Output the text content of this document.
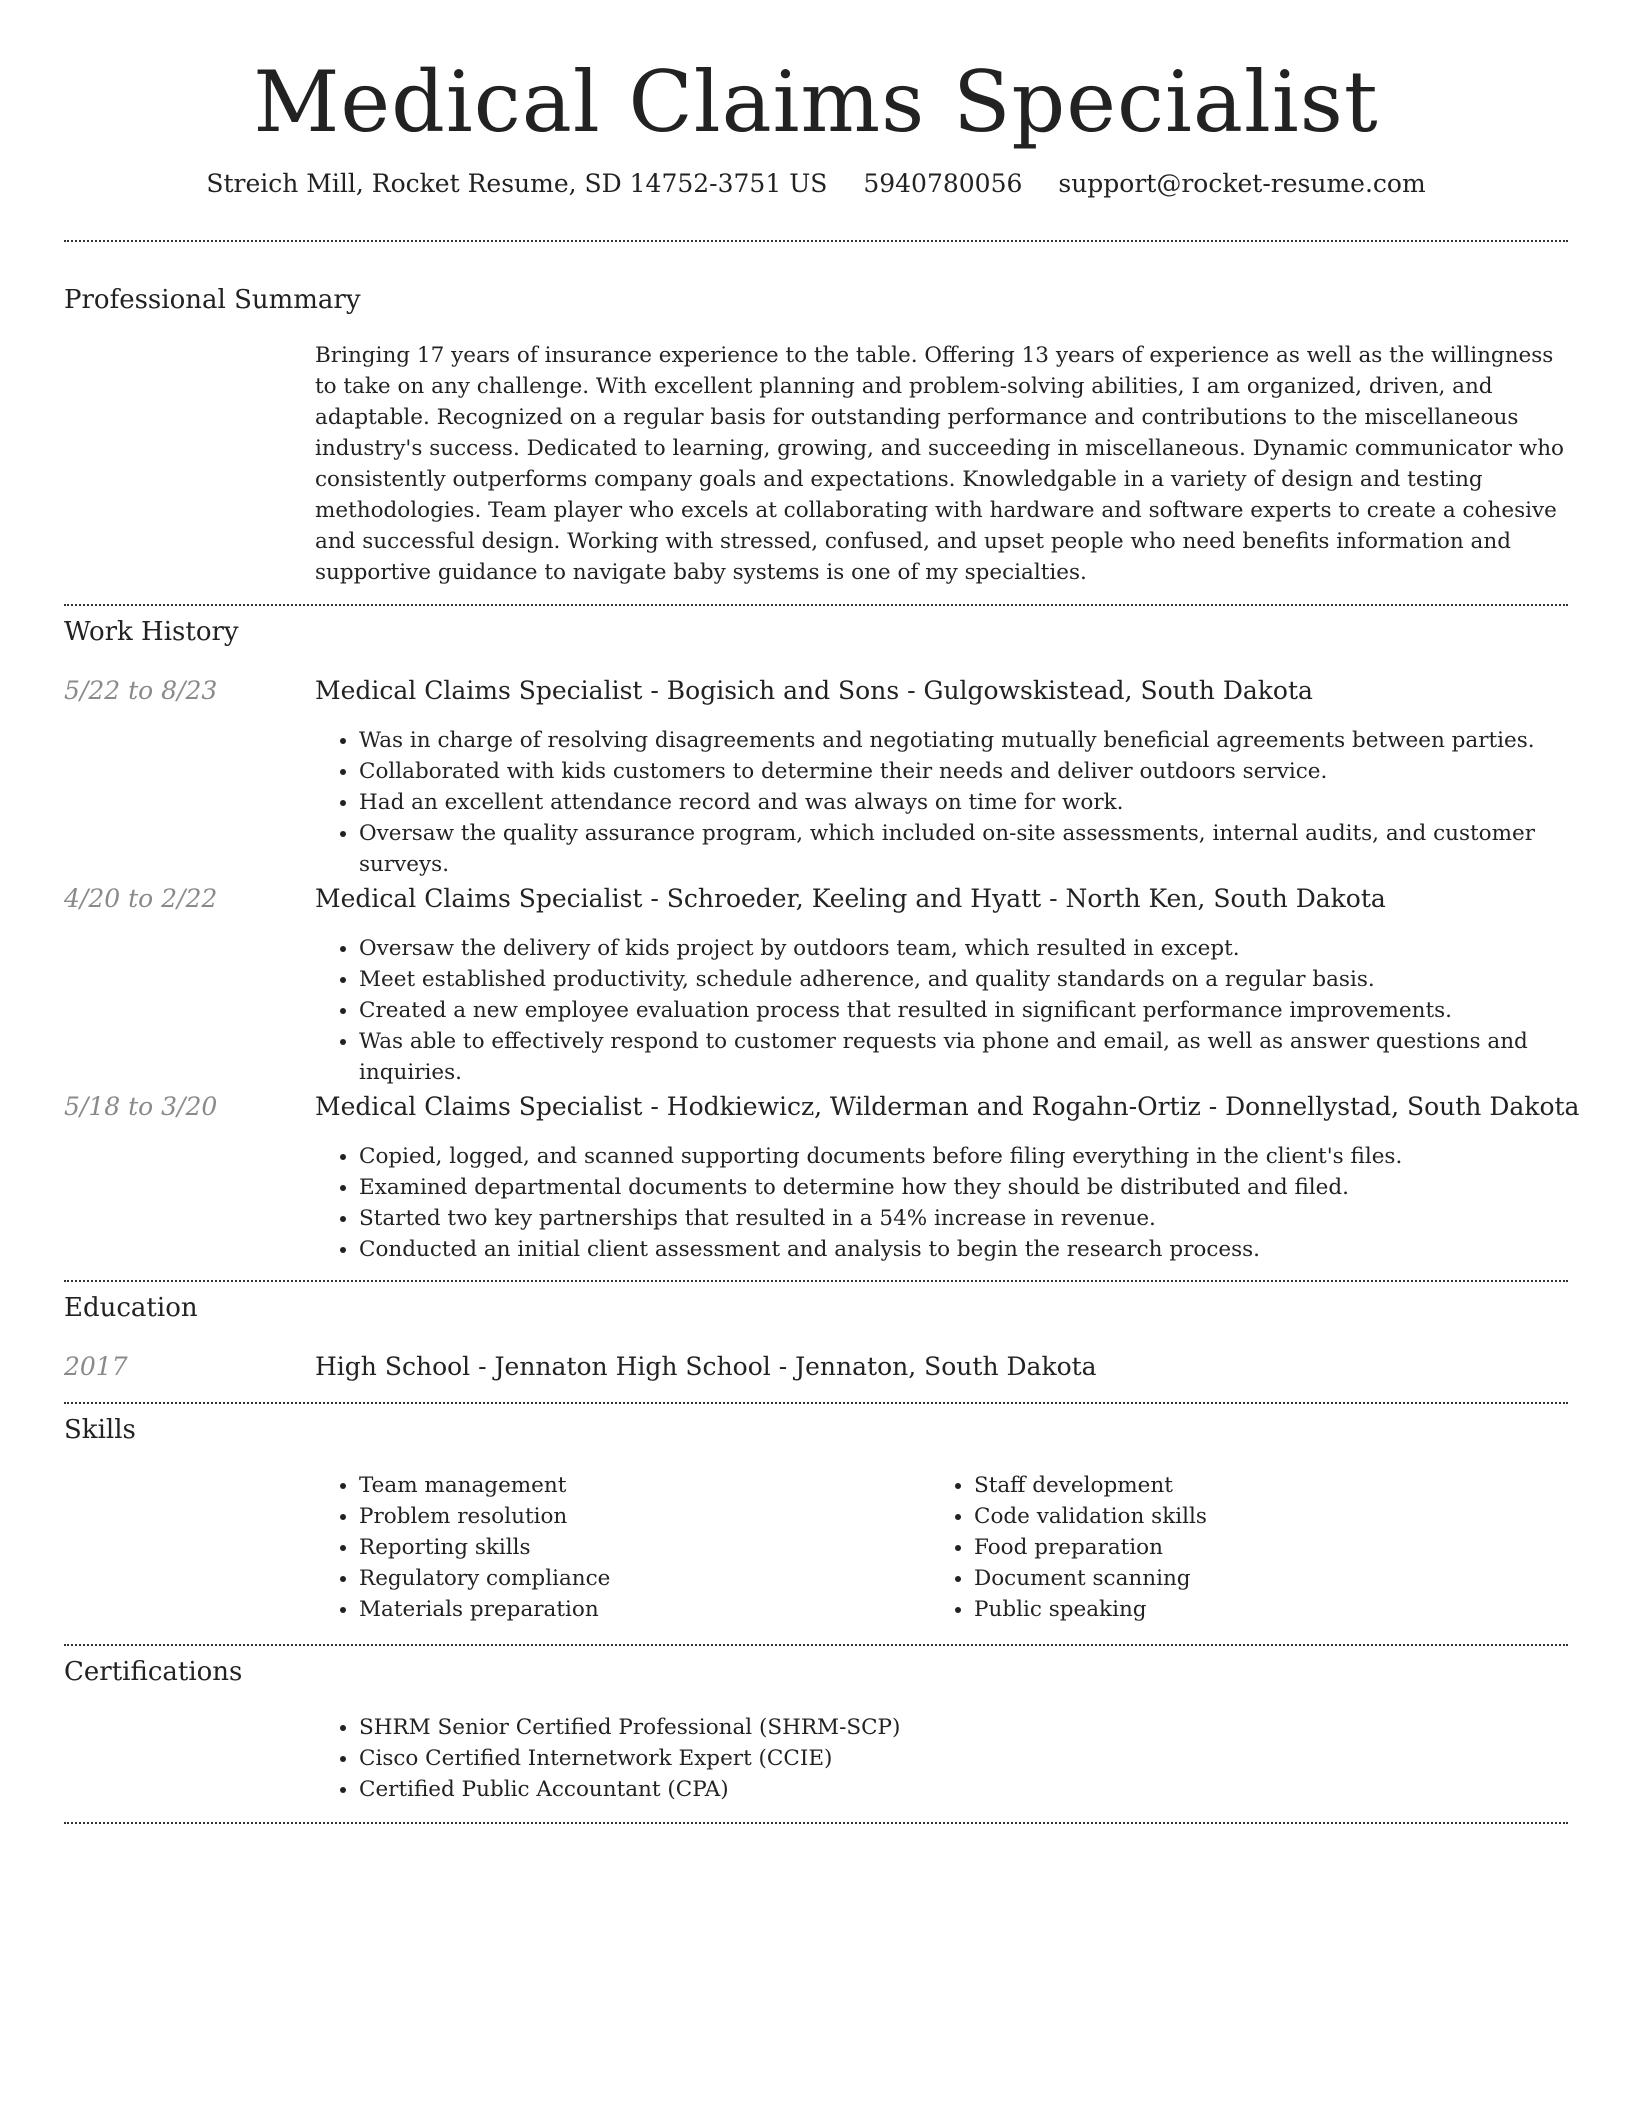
Medical Claims Specialist
Streich Mill, Rocket Resume, SD 14752-3751 US 5940780056 support@rocket-resume.com
Professional Summary
Bringing 17 years of insurance experience to the table. Offering 13 years of experience as well as the willingness to take on any challenge. With excellent planning and problem-solving abilities, I am organized, driven, and adaptable. Recognized on a regular basis for outstanding performance and contributions to the miscellaneous industry's success. Dedicated to learning, growing, and succeeding in miscellaneous. Dynamic communicator who consistently outperforms company goals and expectations. Knowledgable in a variety of design and testing methodologies. Team player who excels at collaborating with hardware and software experts to create a cohesive and successful design. Working with stressed, confused, and upset people who need benefits information and supportive guidance to navigate baby systems is one of my specialties.
Work History
5/22 to 8/23	Medical Claims Specialist - Bogisich and Sons - Gulgowskistead, South Dakota
• Was in charge of resolving disagreements and negotiating mutually beneficial agreements between parties.
• Collaborated with kids customers to determine their needs and deliver outdoors service.
• Had an excellent attendance record and was always on time for work.
• Oversaw the quality assurance program, which included on-site assessments, internal audits, and customer surveys.
4/20 to 2/22	Medical Claims Specialist - Schroeder, Keeling and Hyatt - North Ken, South Dakota
• Oversaw the delivery of kids project by outdoors team, which resulted in except.
• Meet established productivity, schedule adherence, and quality standards on a regular basis.
• Created a new employee evaluation process that resulted in significant performance improvements.
• Was able to effectively respond to customer requests via phone and email, as well as answer questions and inquiries.
5/18 to 3/20	Medical Claims Specialist - Hodkiewicz, Wilderman and Rogahn-Ortiz - Donnellystad, South Dakota
• Copied, logged, and scanned supporting documents before filing everything in the client's files.
• Examined departmental documents to determine how they should be distributed and filed.
• Started two key partnerships that resulted in a 54% increase in revenue.
• Conducted an initial client assessment and analysis to begin the research process.
Education
2017	High School - Jennaton High School - Jennaton, South Dakota
Skills
• Team management
• Problem resolution
• Reporting skills
• Regulatory compliance
• Materials preparation
• Staff development
• Code validation skills
• Food preparation
• Document scanning
• Public speaking
Certifications
• SHRM Senior Certified Professional (SHRM-SCP)
• Cisco Certified Internetwork Expert (CCIE)
• Certified Public Accountant (CPA)
